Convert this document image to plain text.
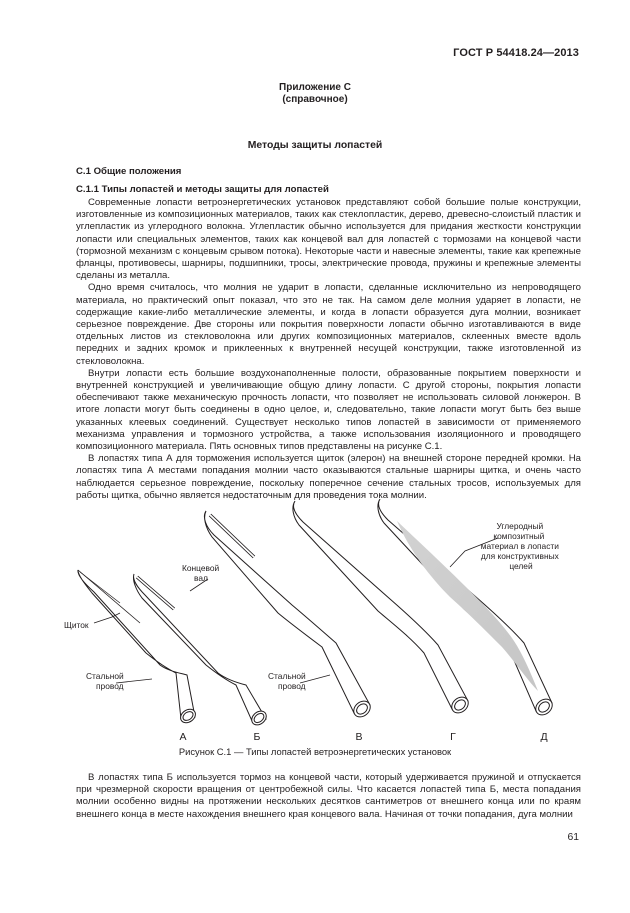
ГОСТ Р 54418.24—2013
Приложение С
(справочное)
Методы защиты лопастей
С.1 Общие положения
С.1.1 Типы лопастей и методы защиты для лопастей

Современные лопасти ветроэнергетических установок представляют собой большие полые конструкции, изготовленные из композиционных материалов, таких как стеклопластик, дерево, древесно-слоистый пластик и углепластик из углеродного волокна. Углепластик обычно используется для придания жесткости конструкции лопасти или специальных элементов, таких как концевой вал для лопастей с тормозами на концевой части (тормозной механизм с концевым срывом потока). Некоторые части и навесные элементы, такие как крепежные фланцы, противовесы, шарниры, подшипники, тросы, электрические провода, пружины и крепежные элементы сделаны из металла.

Одно время считалось, что молния не ударит в лопасти, сделанные исключительно из непроводящего материала, но практический опыт показал, что это не так. На самом деле молния ударяет в лопасти, не содержащие какие-либо металлические элементы, и когда в лопасти образуется дуга молнии, возникает серьезное повреждение. Две стороны или покрытия поверхности лопасти обычно изготавливаются в виде отдельных листов из стекловолокна или других композиционных материалов, склеенных вместе вдоль передних и задних кромок и приклеенных к внутренней несущей конструкции, также изготовленной из стекловолокна.

Внутри лопасти есть большие воздухонаполненные полости, образованные покрытием поверхности и внутренней конструкцией и увеличивающие общую длину лопасти. С другой стороны, покрытия лопасти обеспечивают также механическую прочность лопасти, что позволяет не использовать силовой лонжерон. В итоге лопасти могут быть соединены в одно целое, и, следовательно, такие лопасти могут быть без выше указанных клеевых соединений. Существует несколько типов лопастей в зависимости от применяемого механизма управления и тормозного устройства, а также использования изоляционного и проводящего композиционного материала. Пять основных типов представлены на рисунке С.1.

В лопастях типа А для торможения используется щиток (элерон) на внешней стороне передней кромки. На лопастях типа А местами попадания молнии часто оказываются стальные шарниры щитка, и очень часто наблюдается серьезное повреждение, поскольку поперечное сечение стальных тросов, используемых для работы щитка, обычно является недостаточным для проведения тока молнии.

Щиток
Стальной провод
Концевой вал
Стальной провод
Углеродный композитный материал в лопасти для конструктивных целей
А	Б	В	Г	Д
Рисунок С.1 — Типы лопастей ветроэнергетических установок

В лопастях типа Б используется тормоз на концевой части, который удерживается пружиной и отпускается при чрезмерной скорости вращения от центробежной силы. Что касается лопастей типа Б, места попадания молнии особенно видны на протяжении нескольких десятков сантиметров от внешнего конца или по краям внешнего конца в месте нахождения внешнего края концевого вала. Начиная от точки попадания, дуга молнии

61
